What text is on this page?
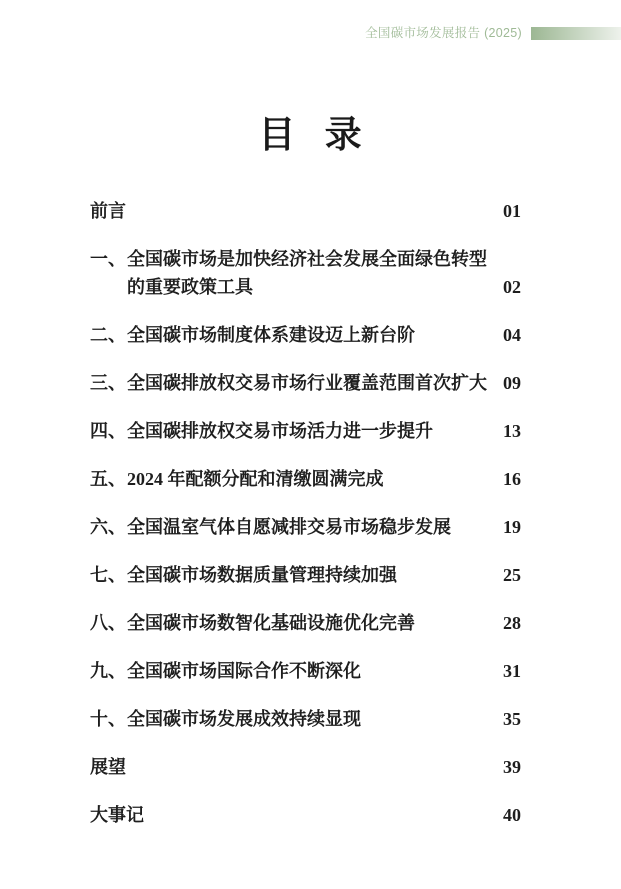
全国碳市场发展报告 (2025)
目 录
前言	01
一、 全国碳市场是加快经济社会发展全面绿色转型的重要政策工具	02
二、 全国碳市场制度体系建设迈上新台阶	04
三、 全国碳排放权交易市场行业覆盖范围首次扩大 09
四、 全国碳排放权交易市场活力进一步提升	13
五、 2024 年配额分配和清缴圆满完成	16
六、 全国温室气体自愿减排交易市场稳步发展	19
七、 全国碳市场数据质量管理持续加强	25
八、 全国碳市场数智化基础设施优化完善	28
九、 全国碳市场国际合作不断深化	31
十、 全国碳市场发展成效持续显现	35
展望	39
大事记	40
